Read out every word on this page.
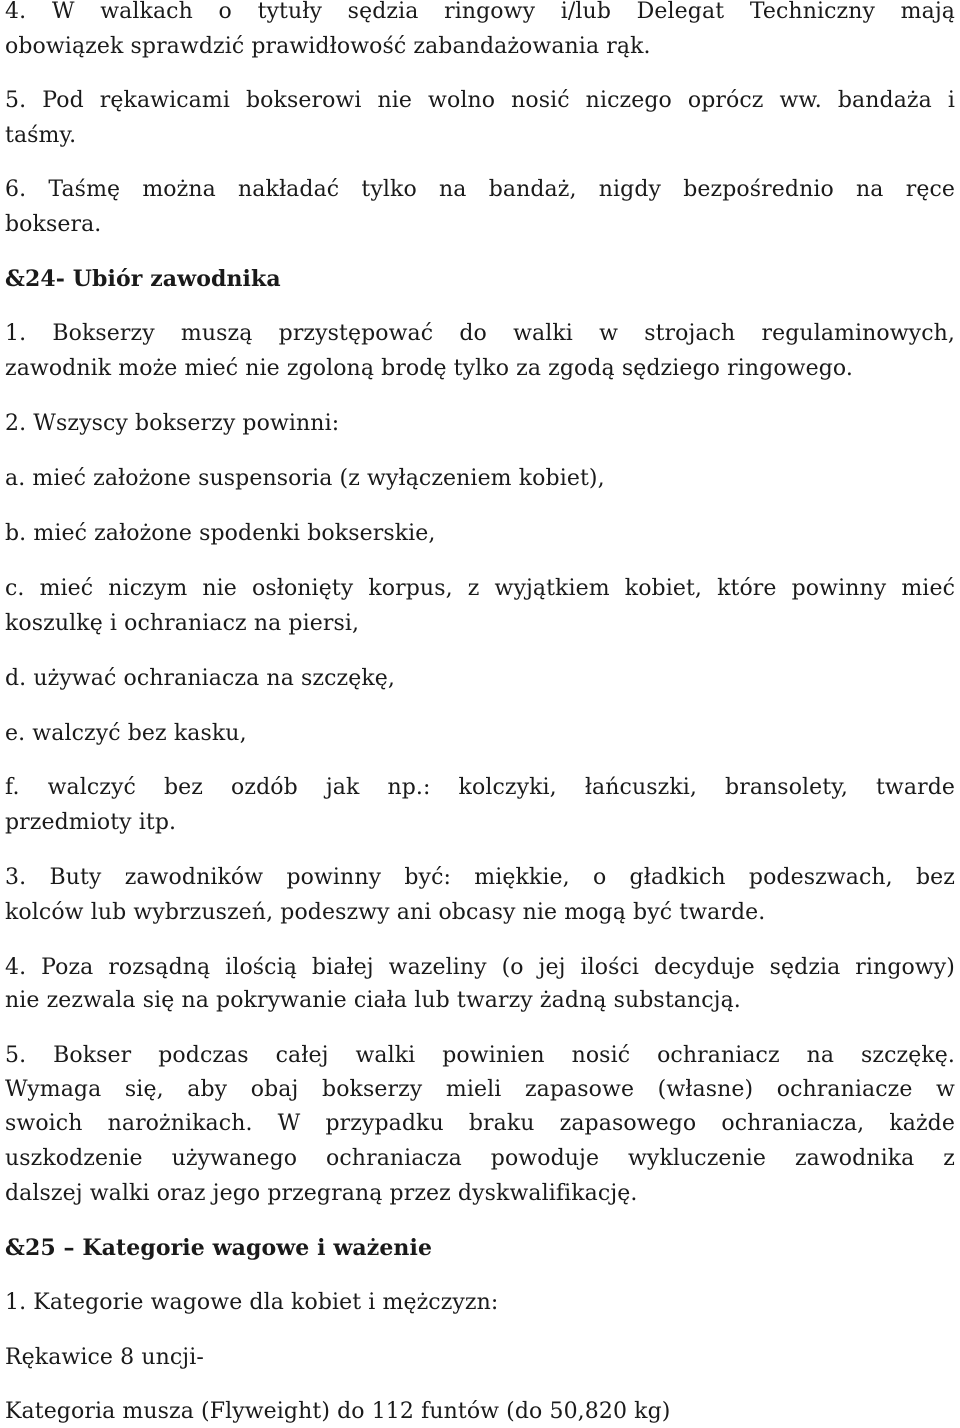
4. W walkach o tytuły sędzia ringowy i/lub Delegat Techniczny mają
obowiązek sprawdzić prawidłowość zabandażowania rąk.
5. Pod rękawicami bokserowi nie wolno nosić niczego oprócz ww. bandaża i
taśmy.
6. Taśmę można nakładać tylko na bandaż, nigdy bezpośrednio na ręce
boksera.
&24- Ubiór zawodnika
1. Bokserzy muszą przystępować do walki w strojach regulaminowych,
zawodnik może mieć nie zgoloną brodę tylko za zgodą sędziego ringowego.
2. Wszyscy bokserzy powinni:
a. mieć założone suspensoria (z wyłączeniem kobiet),
b. mieć założone spodenki bokserskie,
c. mieć niczym nie osłonięty korpus, z wyjątkiem kobiet, które powinny mieć
koszulkę i ochraniacz na piersi,
d. używać ochraniacza na szczękę,
e. walczyć bez kasku,
f. walczyć bez ozdób jak np.: kolczyki, łańcuszki, bransolety, twarde
przedmioty itp.
3. Buty zawodników powinny być: miękkie, o gładkich podeszwach, bez
kolców lub wybrzuszeń, podeszwy ani obcasy nie mogą być twarde.
4. Poza rozsądną ilością białej wazeliny (o jej ilości decyduje sędzia ringowy)
nie zezwala się na pokrywanie ciała lub twarzy żadną substancją.
5. Bokser podczas całej walki powinien nosić ochraniacz na szczękę.
Wymaga się, aby obaj bokserzy mieli zapasowe (własne) ochraniacze w
swoich narożnikach. W przypadku braku zapasowego ochraniacza, każde
uszkodzenie używanego ochraniacza powoduje wykluczenie zawodnika z
dalszej walki oraz jego przegraną przez dyskwalifikację.
&25 – Kategorie wagowe i ważenie
1. Kategorie wagowe dla kobiet i mężczyzn:
Rękawice 8 uncji-
Kategoria musza (Flyweight) do 112 funtów (do 50,820 kg)
